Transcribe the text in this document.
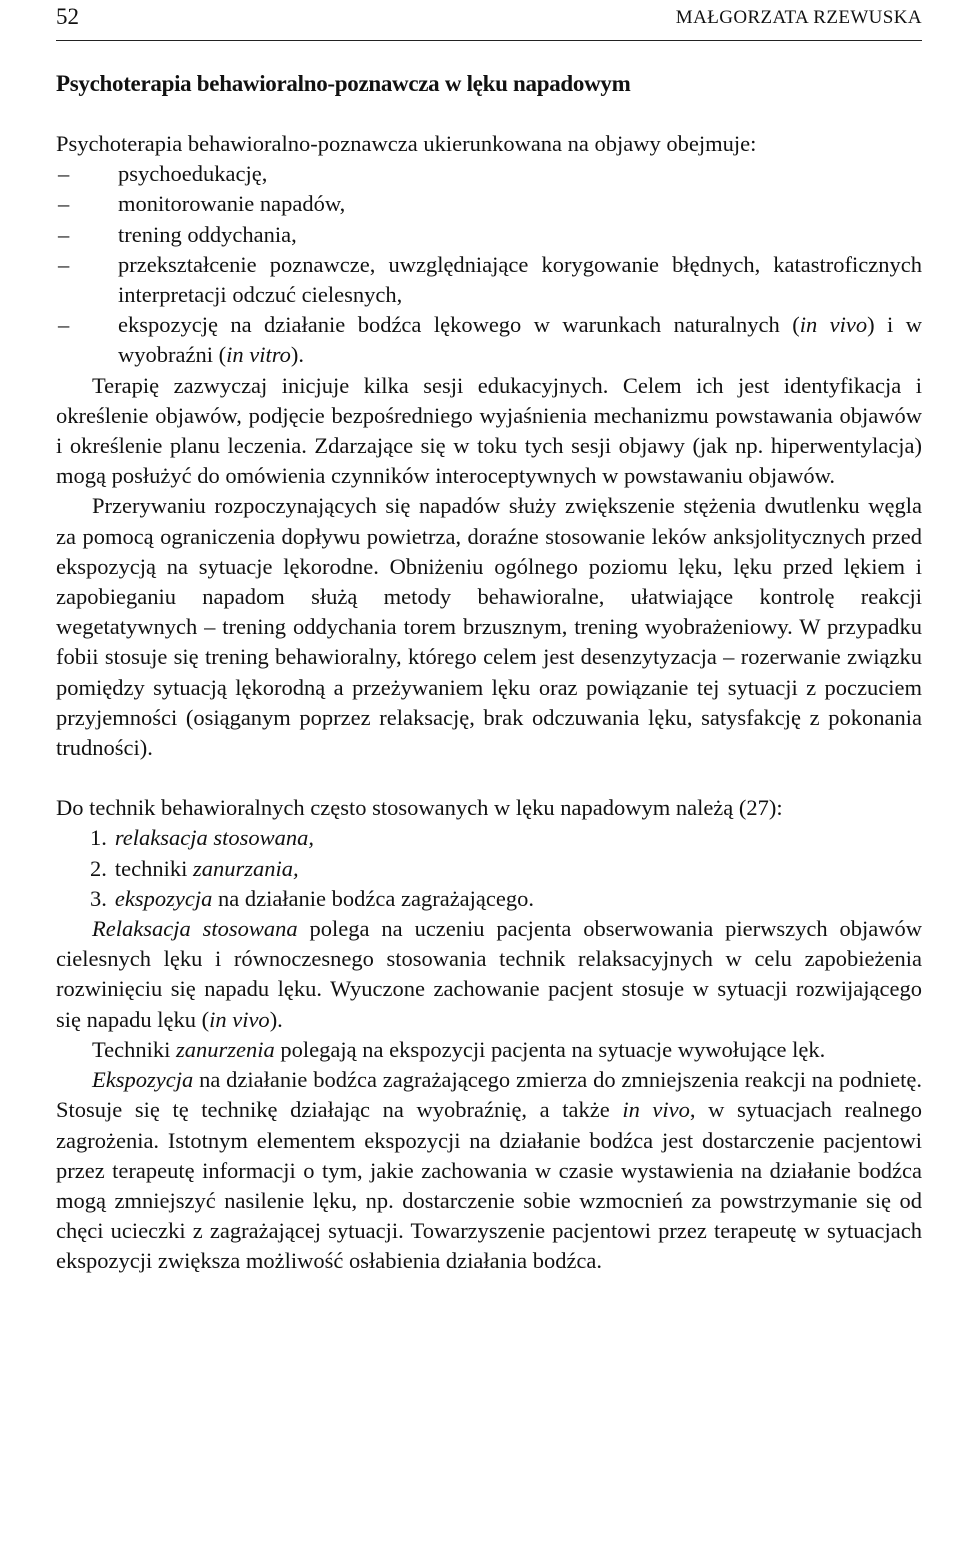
52	MAŁGORZATA RZEWUSKA
Psychoterapia behawioralno-poznawcza w lęku napadowym

Psychoterapia behawioralno-poznawcza ukierunkowana na objawy obejmuje:

– psychoedukację,
– monitorowanie napadów,
– trening oddychania,
– przekształcenie poznawcze, uwzględniające korygowanie błędnych, katastroficznych interpretacji odczuć cielesnych,
– ekspozycję na działanie bodźca lękowego w warunkach naturalnych (in vivo) i w wyobraźni (in vitro).

Terapię zazwyczaj inicjuje kilka sesji edukacyjnych. Celem ich jest identyfikacja i określenie objawów, podjęcie bezpośredniego wyjaśnienia mechanizmu powstawania objawów i określenie planu leczenia. Zdarzające się w toku tych sesji objawy (jak np. hiperwentylacja) mogą posłużyć do omówienia czynników interoceptywnych w powstawaniu objawów.

Przerywaniu rozpoczynających się napadów służy zwiększenie stężenia dwutlenku węgla za pomocą ograniczenia dopływu powietrza, doraźne stosowanie leków anksjolitycznych przed ekspozycją na sytuacje lękorodne. Obniżeniu ogólnego poziomu lęku, lęku przed lękiem i zapobieganiu napadom służą metody behawioralne, ułatwiające kontrolę reakcji wegetatywnych – trening oddychania torem brzusznym, trening wyobrażeniowy. W przypadku fobii stosuje się trening behawioralny, którego celem jest desenzytyzacja – rozerwanie związku pomiędzy sytuacją lękorodną a przeżywaniem lęku oraz powiązanie tej sytuacji z poczuciem przyjemności (osiąganym poprzez relaksację, brak odczuwania lęku, satysfakcję z pokonania trudności).

Do technik behawioralnych często stosowanych w lęku napadowym należą (27):

1. relaksacja stosowana,
2. techniki zanurzania,
3. ekspozycja na działanie bodźca zagrażającego.

Relaksacja stosowana polega na uczeniu pacjenta obserwowania pierwszych objawów cielesnych lęku i równoczesnego stosowania technik relaksacyjnych w celu zapobieżenia rozwinięciu się napadu lęku. Wyuczone zachowanie pacjent stosuje w sytuacji rozwijającego się napadu lęku (in vivo).

Techniki zanurzenia polegają na ekspozycji pacjenta na sytuacje wywołujące lęk.

Ekspozycja na działanie bodźca zagrażającego zmierza do zmniejszenia reakcji na podnietę. Stosuje się tę technikę działając na wyobraźnię, a także in vivo, w sytuacjach realnego zagrożenia. Istotnym elementem ekspozycji na działanie bodźca jest dostarczenie pacjentowi przez terapeutę informacji o tym, jakie zachowania w czasie wystawienia na działanie bodźca mogą zmniejszyć nasilenie lęku, np. dostarczenie sobie wzmocnień za powstrzymanie się od chęci ucieczki z zagrażającej sytuacji. Towarzyszenie pacjentowi przez terapeutę w sytuacjach ekspozycji zwiększa możliwość osłabienia działania bodźca.
